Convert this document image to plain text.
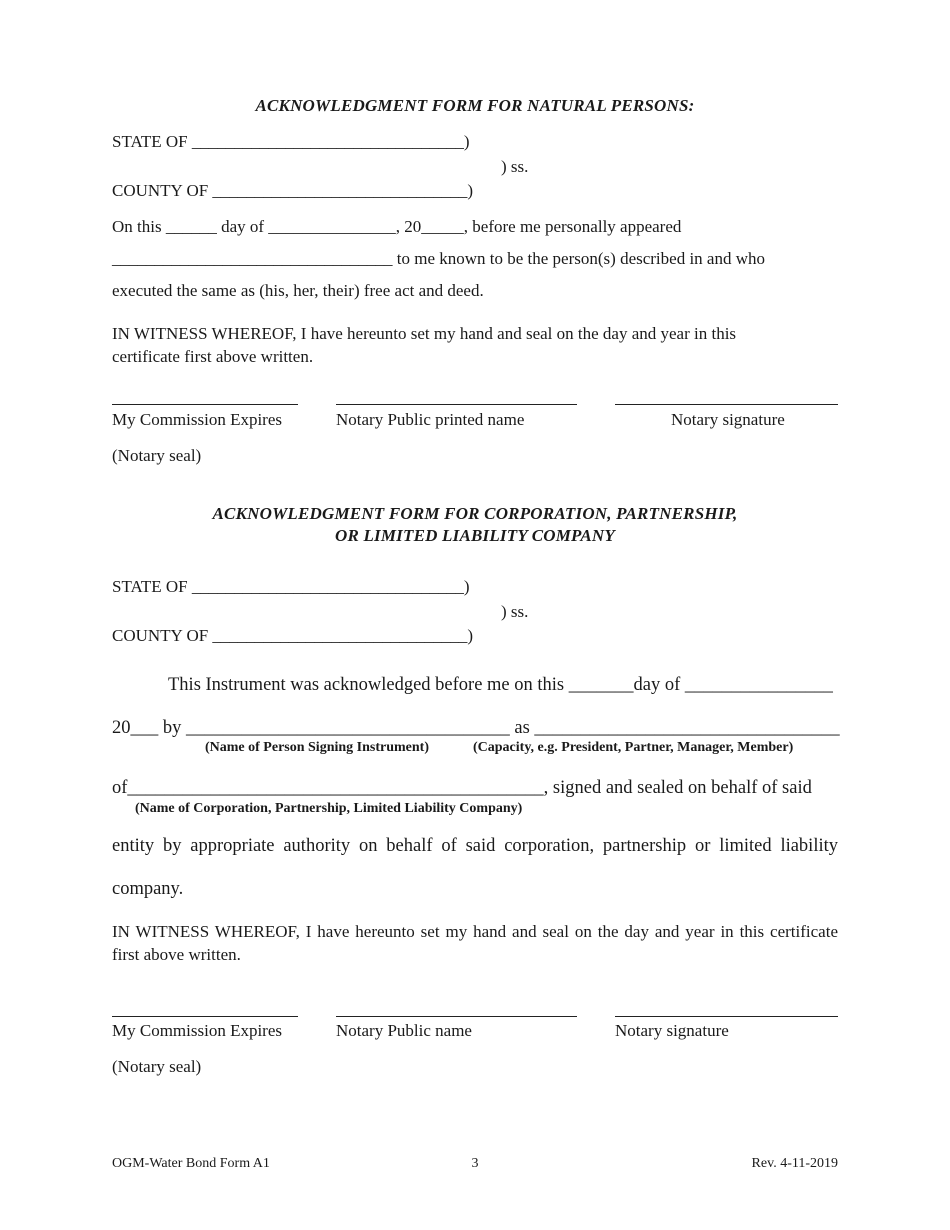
ACKNOWLEDGMENT FORM FOR NATURAL PERSONS:
STATE OF ________________________________)
) ss.
COUNTY OF ______________________________)
On this ______ day of _______________, 20_____, before me personally appeared
_________________________________ to me known to be the person(s) described in and who
executed the same as (his, her, their) free act and deed.
IN WITNESS WHEREOF, I have hereunto set my hand and seal on the day and year in this
certificate first above written.
My Commission Expires	Notary Public printed name	Notary signature
(Notary seal)
ACKNOWLEDGMENT FORM FOR CORPORATION, PARTNERSHIP,
OR LIMITED LIABILITY COMPANY
STATE OF ________________________________)
) ss.
COUNTY OF ______________________________)
This Instrument was acknowledged before me on this _______day of ________________
20___ by ___________________________________ as _________________________________
(Name of Person Signing Instrument)	(Capacity, e.g. President, Partner, Manager, Member)
of_____________________________________________, signed and sealed on behalf of said
(Name of Corporation, Partnership, Limited Liability Company)
entity by appropriate authority on behalf of said corporation, partnership or limited liability
company.
IN WITNESS WHEREOF, I have hereunto set my hand and seal on the day and year in this certificate
first above written.
My Commission Expires	Notary Public name	Notary signature
(Notary seal)
OGM-Water Bond Form A1	3	Rev. 4-11-2019
